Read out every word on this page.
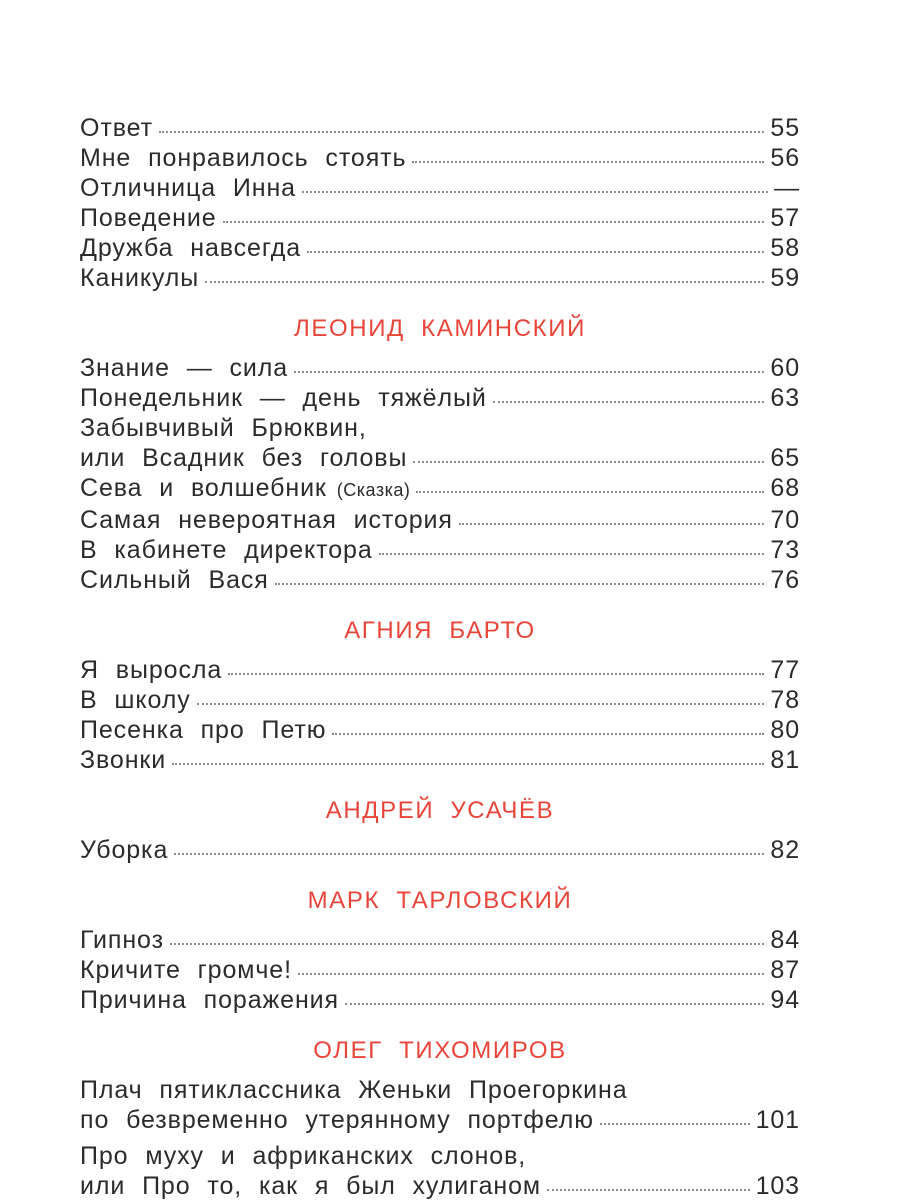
Ответ	55
Мне понравилось стоять	56
Отличница Инна	—
Поведение	57
Дружба навсегда	58
Каникулы	59
ЛЕОНИД КАМИНСКИЙ
Знание — сила	60
Понедельник — день тяжёлый	63
Забывчивый Брюквин,
или Всадник без головы	65
Сева и волшебник (Сказка)	68
Самая невероятная история	70
В кабинете директора	73
Сильный Вася	76
АГНИЯ БАРТО
Я выросла	77
В школу	78
Песенка про Петю	80
Звонки	81
АНДРЕЙ УСАЧЁВ
Уборка	82
МАРК ТАРЛОВСКИЙ
Гипноз	84
Кричите громче!	87
Причина поражения	94
ОЛЕГ ТИХОМИРОВ
Плач пятиклассника Женьки Проегоркина
по безвременно утерянному портфелю	101
Про муху и африканских слонов,
или Про то, как я был хулиганом	103
